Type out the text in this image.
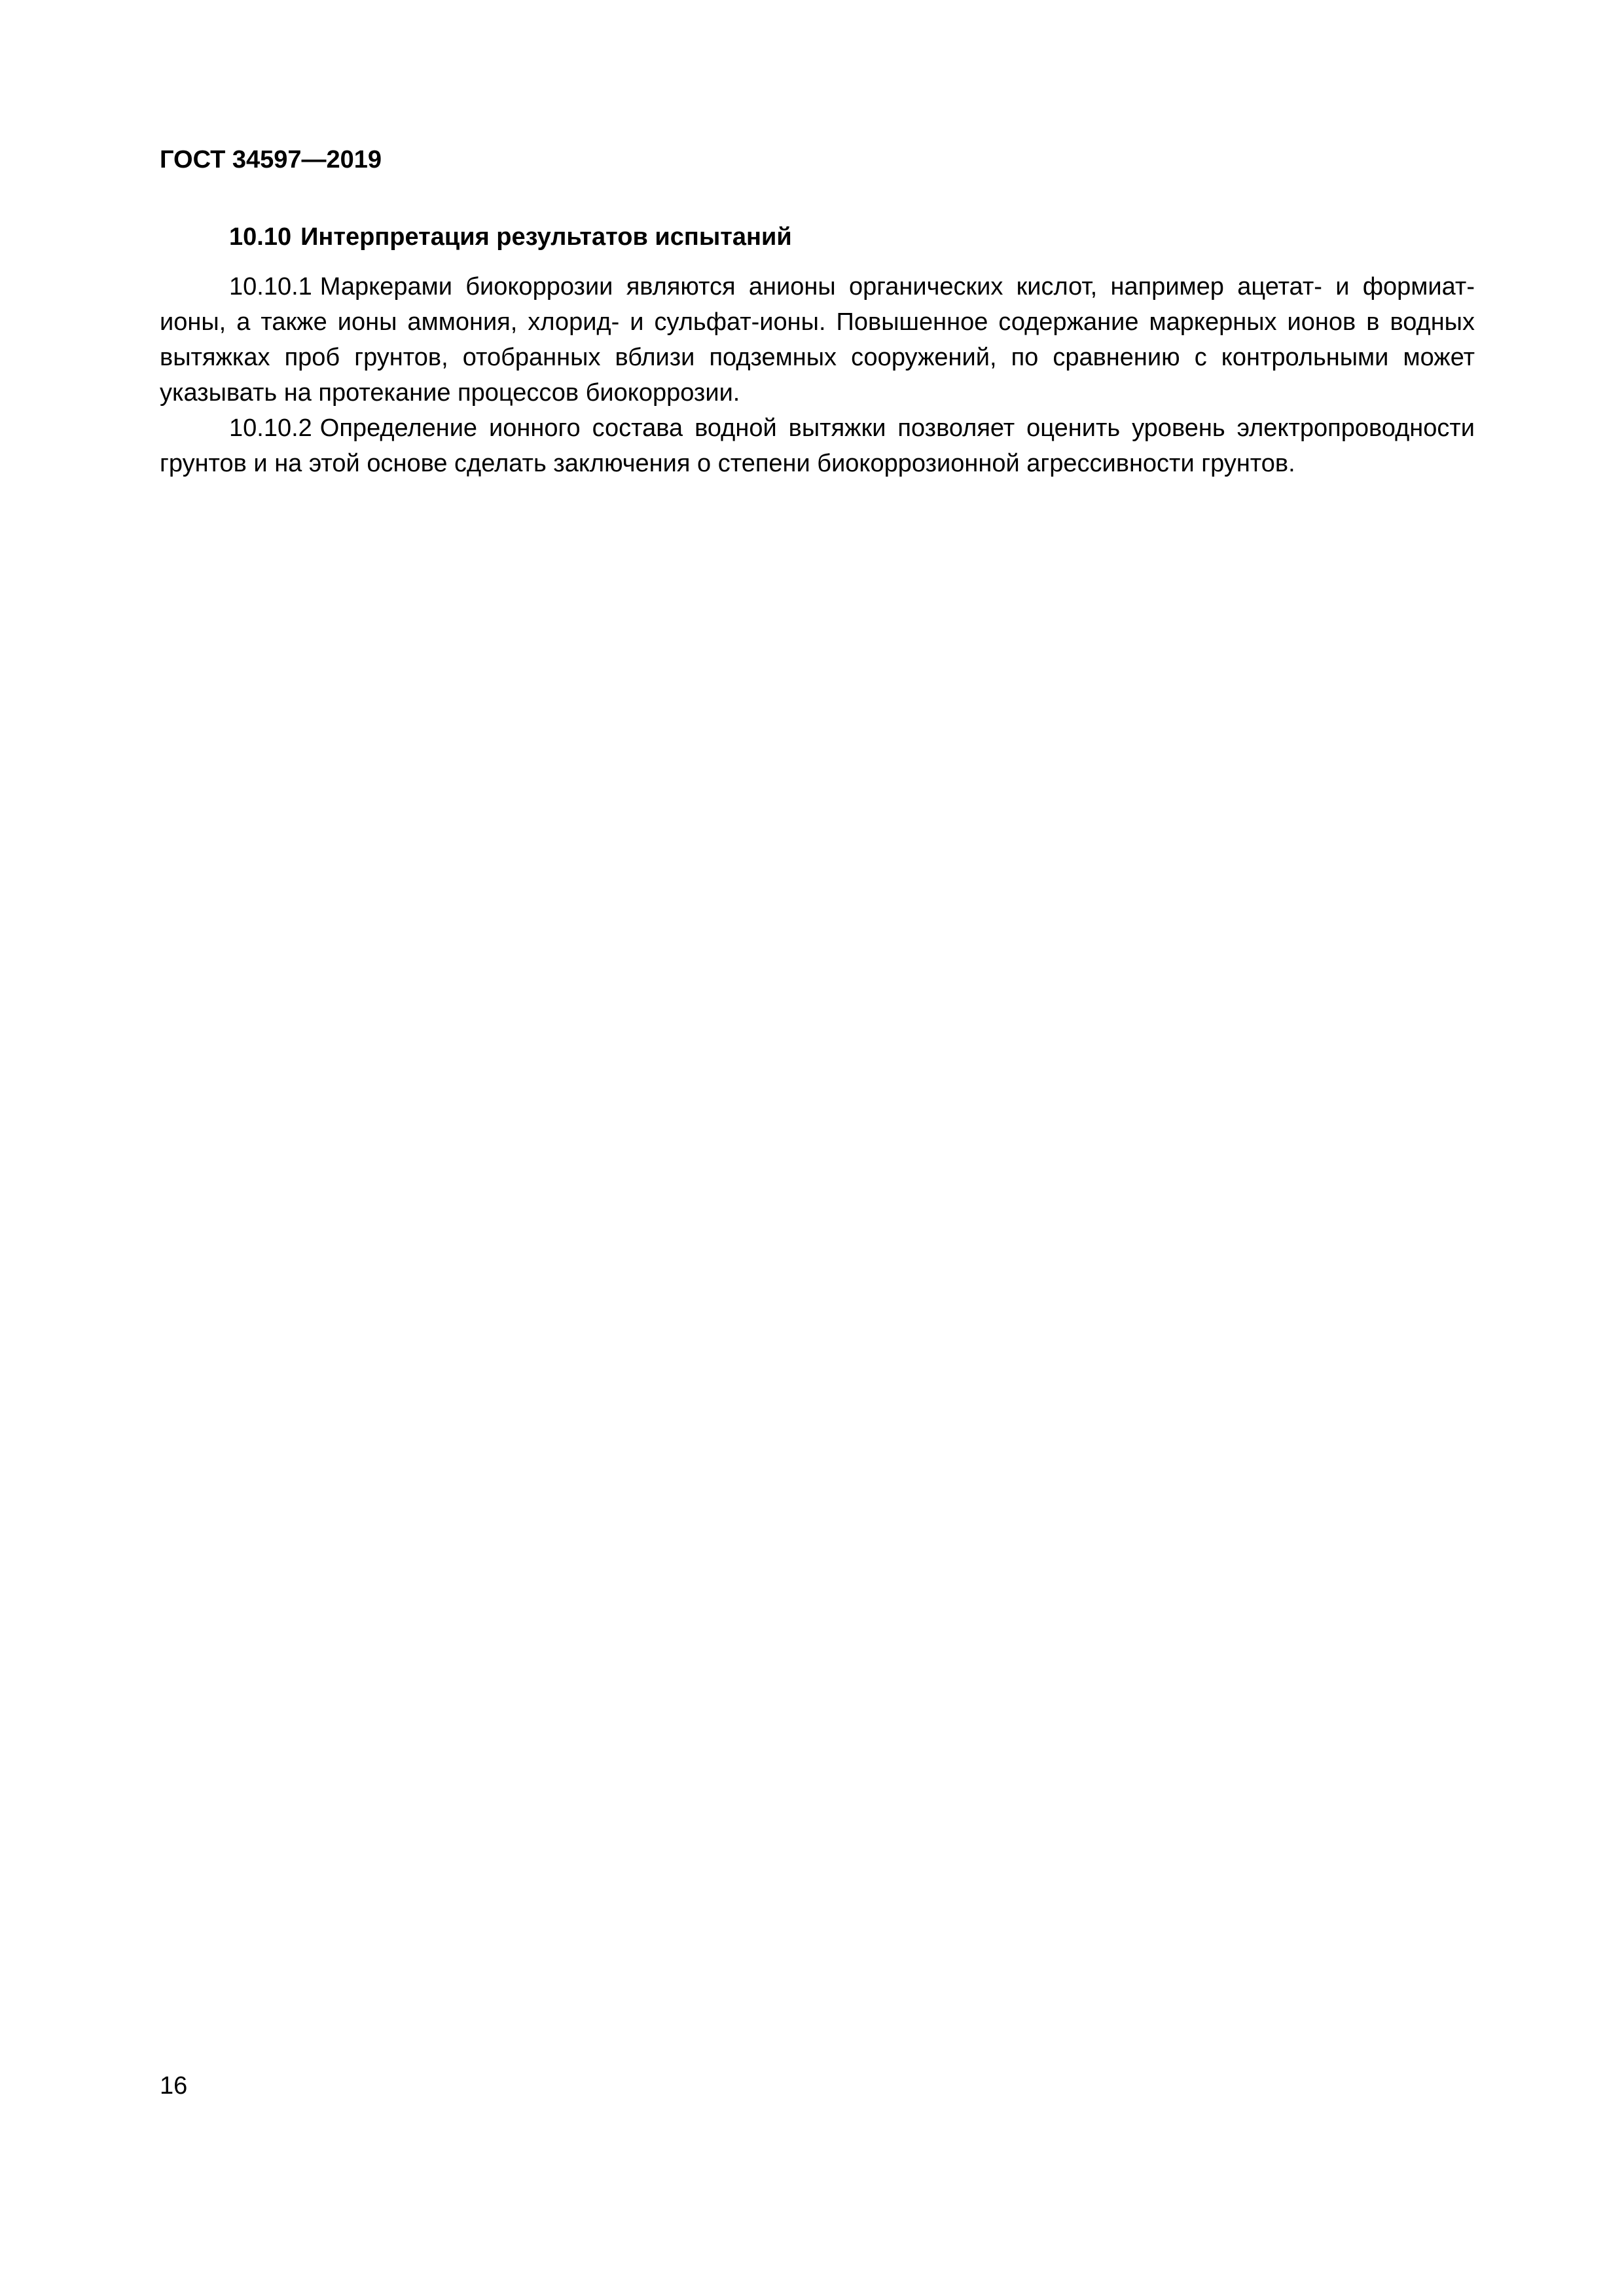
ГОСТ 34597—2019

10.10 Интерпретация результатов испытаний

10.10.1 Маркерами биокоррозии являются анионы органических кислот, например ацетат- и формиат-ионы, а также ионы аммония, хлорид- и сульфат-ионы. Повышенное содержание маркерных ионов в водных вытяжках проб грунтов, отобранных вблизи подземных сооружений, по сравнению с контрольными может указывать на протекание процессов биокоррозии.

10.10.2 Определение ионного состава водной вытяжки позволяет оценить уровень электропроводности грунтов и на этой основе сделать заключения о степени биокоррозионной агрессивности грунтов.

16
